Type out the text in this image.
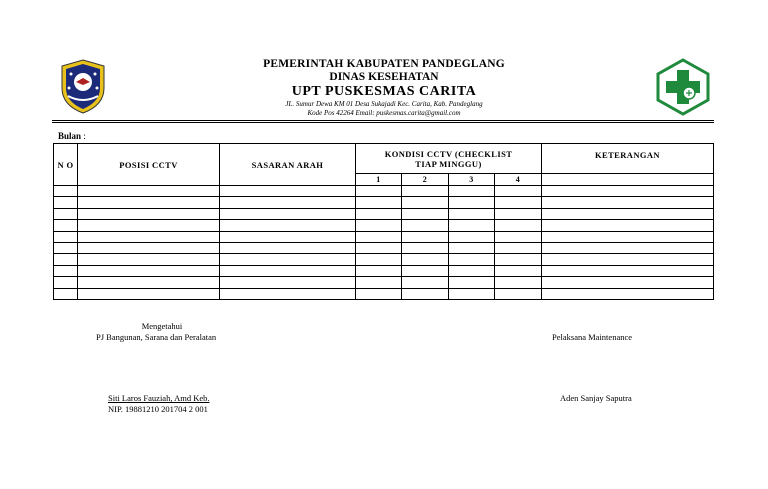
PEMERINTAH KABUPATEN PANDEGLANG
DINAS KESEHATAN
UPT PUSKESMAS CARITA
JL. Sumur Dewa KM 01 Desa Sukajadi Kec. Carita, Kab. Pandeglang
Kode Pos 42264 Email: puskesmas.carita@gmail.com
Bulan :
N O	POSISI CCTV	SASARAN ARAH	KONDISI CCTV (CHECKLIST TIAP MINGGU)				KETERANGAN
			1	2	3	4	

Mengetahui
PJ Bangunan, Sarana dan Peralatan
Siti Laros Fauziah, Amd Keb.
NIP. 19881210 201704 2 001
Pelaksana Maintenance
Aden Sanjay Saputra
